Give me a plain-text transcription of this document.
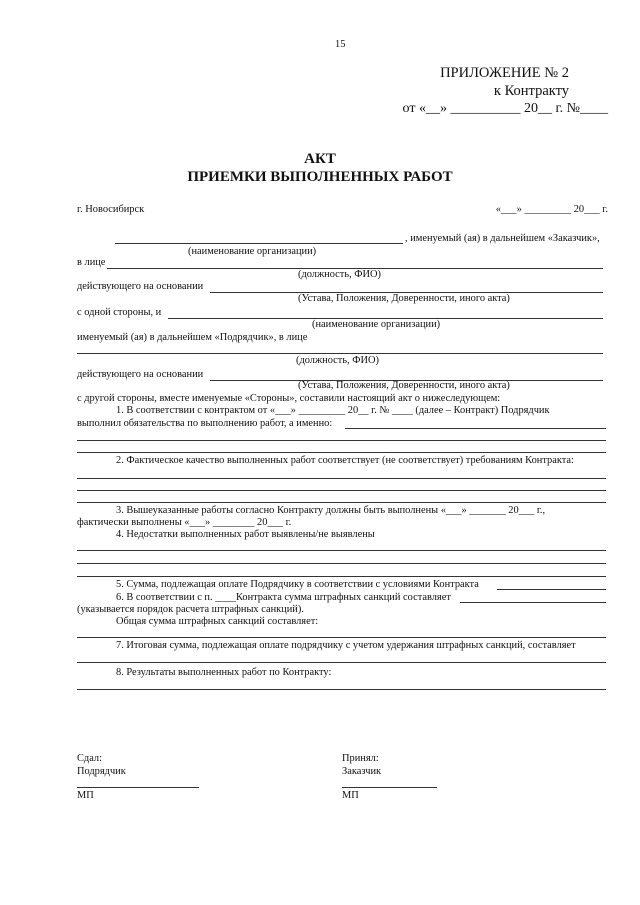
15
ПРИЛОЖЕНИЕ № 2
к Контракту
от «__» __________ 20__ г. №____
АКТ
ПРИЕМКИ ВЫПОЛНЕННЫХ РАБОТ
г. Новосибирск	«___» _________ 20___ г.
, именуемый (ая) в дальнейшем «Заказчик»,
(наименование организации)
в лице
(должность, ФИО)
действующего на основании
(Устава, Положения, Доверенности, иного акта)
с одной стороны, и
(наименование организации)
именуемый (ая) в дальнейшем «Подрядчик», в лице
(должность, ФИО)
действующего на основании
(Устава, Положения, Доверенности, иного акта)
с другой стороны, вместе именуемые «Стороны», составили настоящий акт о нижеследующем:
1. В соответствии с контрактом от «___» _________ 20__ г. № ____ (далее – Контракт) Подрядчик
выполнил обязательства по выполнению работ, а именно:
2. Фактическое качество выполненных работ соответствует (не соответствует) требованиям Контракта:
3. Вышеуказанные работы согласно Контракту должны быть выполнены «___» _______ 20___ г.,
фактически выполнены «___» ________ 20___ г.
4. Недостатки выполненных работ выявлены/не выявлены
5. Сумма, подлежащая оплате Подрядчику в соответствии с условиями Контракта
6. В соответствии с п. ____Контракта сумма штрафных санкций составляет
(указывается порядок расчета штрафных санкций).
Общая сумма штрафных санкций составляет:
7. Итоговая сумма, подлежащая оплате подрядчику с учетом удержания штрафных санкций, составляет
8. Результаты выполненных работ по Контракту:
Сдал:
Подрядчик
МП
Принял:
Заказчик
МП
